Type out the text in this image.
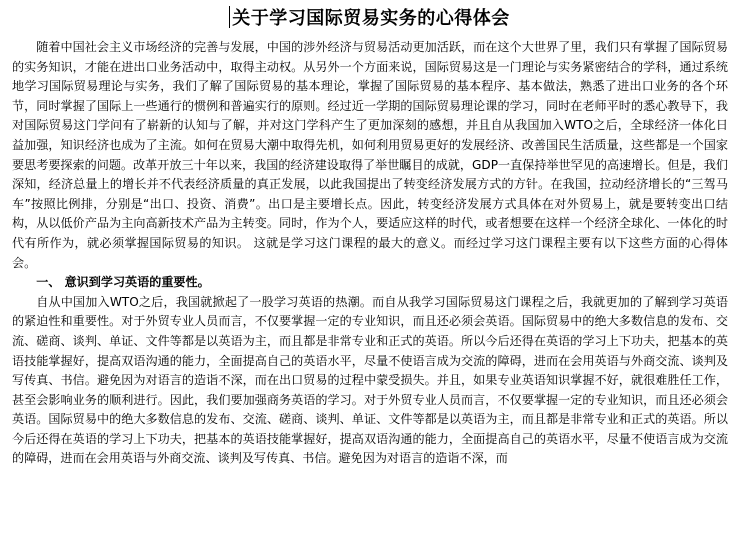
关于学习国际贸易实务的心得体会

随着中国社会主义市场经济的完善与发展，中国的涉外经济与贸易活动更加活跃，而在这个大世界了里，我们只有掌握了国际贸易的实务知识，才能在进出口业务活动中，取得主动权。从另外一个方面来说，国际贸易这是一门理论与实务紧密结合的学科，通过系统地学习国际贸易理论与实务，我们了解了国际贸易的基本理论，掌握了国际贸易的基本程序、基本做法，熟悉了进出口业务的各个环节，同时掌握了国际上一些通行的惯例和普遍实行的原则。经过近一学期的国际贸易理论课的学习，同时在老师平时的悉心教导下，我对国际贸易这门学问有了崭新的认知与了解，并对这门学科产生了更加深刻的感想，并且自从我国加入WTO之后，全球经济一体化日益加强，知识经济也成为了主流。如何在贸易大潮中取得先机，如何利用贸易更好的发展经济、改善国民生活质量，这些都是一个国家要思考要探索的问题。改革开放三十年以来，我国的经济建设取得了举世瞩目的成就，GDP一直保持举世罕见的高速增长。但是，我们深知，经济总量上的增长并不代表经济质量的真正发展，以此我国提出了转变经济发展方式的方针。在我国，拉动经济增长的“三驾马车”按照比例排，分别是“出口、投资、消费”。出口是主要增长点。因此，转变经济发展方式具体在对外贸易上，就是要转变出口结构，从以低价产品为主向高新技术产品为主转变。同时，作为个人，要适应这样的时代，或者想要在这样一个经济全球化、一体化的时代有所作为，就必须掌握国际贸易的知识。 这就是学习这门课程的最大的意义。而经过学习这门课程主要有以下这些方面的心得体会。

一、 意识到学习英语的重要性。

自从中国加入WTO之后，我国就掀起了一股学习英语的热潮。而自从我学习国际贸易这门课程之后，我就更加的了解到学习英语的紧迫性和重要性。对于外贸专业人员而言，不仅要掌握一定的专业知识，而且还必须会英语。国际贸易中的绝大多数信息的发布、交流、磋商、谈判、单证、文件等都是以英语为主，而且都是非常专业和正式的英语。所以今后还得在英语的学习上下功夫，把基本的英语技能掌握好，提高双语沟通的能力，全面提高自己的英语水平，尽量不使语言成为交流的障碍，进而在会用英语与外商交流、谈判及写传真、书信。避免因为对语言的造诣不深，而在出口贸易的过程中蒙受损失。并且，如果专业英语知识掌握不好，就很难胜任工作，甚至会影响业务的顺利进行。因此，我们要加强商务英语的学习。对于外贸专业人员而言，不仅要掌握一定的专业知识，而且还必须会英语。国际贸易中的绝大多数信息的发布、交流、磋商、谈判、单证、文件等都是以英语为主，而且都是非常专业和正式的英语。所以今后还得在英语的学习上下功夫，把基本的英语技能掌握好，提高双语沟通的能力，全面提高自己的英语水平，尽量不使语言成为交流的障碍，进而在会用英语与外商交流、谈判及写传真、书信。避免因为对语言的造诣不深，而
